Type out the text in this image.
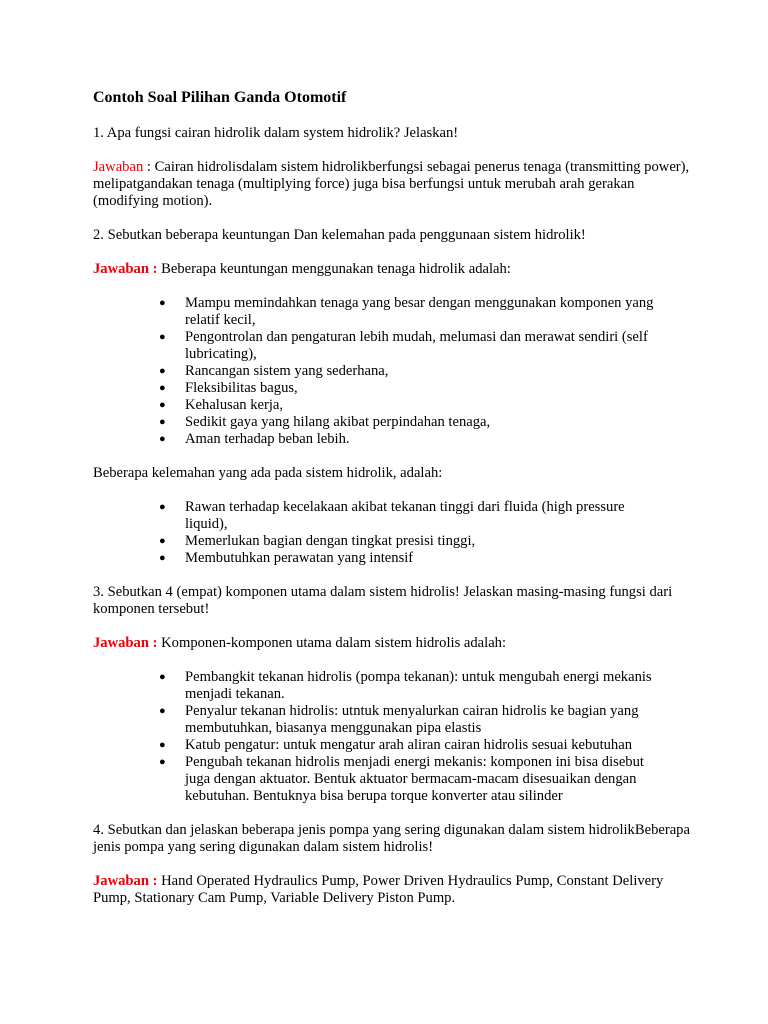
Contoh Soal Pilihan Ganda Otomotif

1. Apa fungsi cairan hidrolik dalam system hidrolik? Jelaskan!

Jawaban : Cairan hidrolisdalam sistem hidrolikberfungsi sebagai penerus tenaga (transmitting power), melipatgandakan tenaga (multiplying force) juga bisa berfungsi untuk merubah arah gerakan (modifying motion).

2. Sebutkan beberapa keuntungan Dan kelemahan pada penggunaan sistem hidrolik!

Jawaban : Beberapa keuntungan menggunakan tenaga hidrolik adalah:

● Mampu memindahkan tenaga yang besar dengan menggunakan komponen yang relatif kecil,
● Pengontrolan dan pengaturan lebih mudah, melumasi dan merawat sendiri (self lubricating),
● Rancangan sistem yang sederhana,
● Fleksibilitas bagus,
● Kehalusan kerja,
● Sedikit gaya yang hilang akibat perpindahan tenaga,
● Aman terhadap beban lebih.

Beberapa kelemahan yang ada pada sistem hidrolik, adalah:

● Rawan terhadap kecelakaan akibat tekanan tinggi dari fluida (high pressure liquid),
● Memerlukan bagian dengan tingkat presisi tinggi,
● Membutuhkan perawatan yang intensif

3. Sebutkan 4 (empat) komponen utama dalam sistem hidrolis! Jelaskan masing-masing fungsi dari komponen tersebut!

Jawaban : Komponen-komponen utama dalam sistem hidrolis adalah:

● Pembangkit tekanan hidrolis (pompa tekanan): untuk mengubah energi mekanis menjadi tekanan.
● Penyalur tekanan hidrolis: utntuk menyalurkan cairan hidrolis ke bagian yang membutuhkan, biasanya menggunakan pipa elastis
● Katub pengatur: untuk mengatur arah aliran cairan hidrolis sesuai kebutuhan
● Pengubah tekanan hidrolis menjadi energi mekanis: komponen ini bisa disebut juga dengan aktuator. Bentuk aktuator bermacam-macam disesuaikan dengan kebutuhan. Bentuknya bisa berupa torque konverter atau silinder

4. Sebutkan dan jelaskan beberapa jenis pompa yang sering digunakan dalam sistem hidrolikBeberapa jenis pompa yang sering digunakan dalam sistem hidrolis!

Jawaban : Hand Operated Hydraulics Pump, Power Driven Hydraulics Pump, Constant Delivery Pump, Stationary Cam Pump, Variable Delivery Piston Pump.
